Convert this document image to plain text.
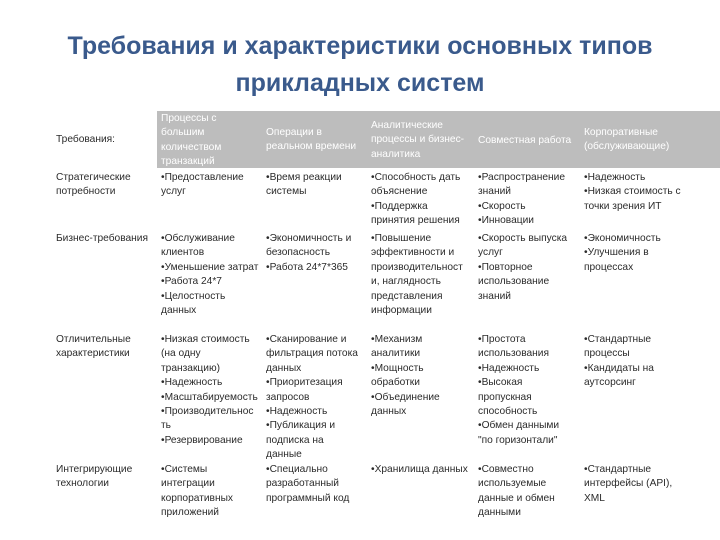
Требования и характеристики основных типов прикладных систем
Требования:
Процессы с
большим
количеством
транзакций
Операции в
реальном времени
Аналитические
процессы и бизнес-
аналитика
Совместная работа
Корпоративные
(обслуживающие)
Стратегические
потребности
•Предоставление
услуг
•Время реакции
системы
•Способность дать
объяснение
•Поддержка
принятия решения
•Распространение
знаний
•Скорость
•Инновации
•Надежность
•Низкая стоимость с
точки зрения ИТ
Бизнес-требования •Обслуживание
клиентов
•Уменьшение затрат
•Работа 24*7
•Целостность
данных
•Экономичность и
безопасность
•Работа 24*7*365
•Повышение
эффективности и
производительност
и, наглядность
представления
информации
•Скорость выпуска
услуг
•Повторное
использование
знаний
•Экономичность
•Улучшения в
процессах
Отличительные
характеристики
•Низкая стоимость
(на одну
транзакцию)
•Надежность
•Масштабируемость
•Производительнос
ть
•Резервирование
•Сканирование и
фильтрация потока
данных
•Приоритезация
запросов
•Надежность
•Публикация и
подписка на
данные
•Механизм
аналитики
•Мощность
обработки
•Объединение
данных
•Простота
использования
•Надежность
•Высокая
пропускная
способность
•Обмен данными
"по горизонтали"
•Стандартные
процессы
•Кандидаты на
аутсорсинг
Интегрирующие
технологии
•Системы
интеграции
корпоративных
приложений
•Специально
разработанный
программный код
•Хранилища данных •Совместно
используемые
данные и обмен
данными
•Стандартные
интерфейсы (API),
XML
